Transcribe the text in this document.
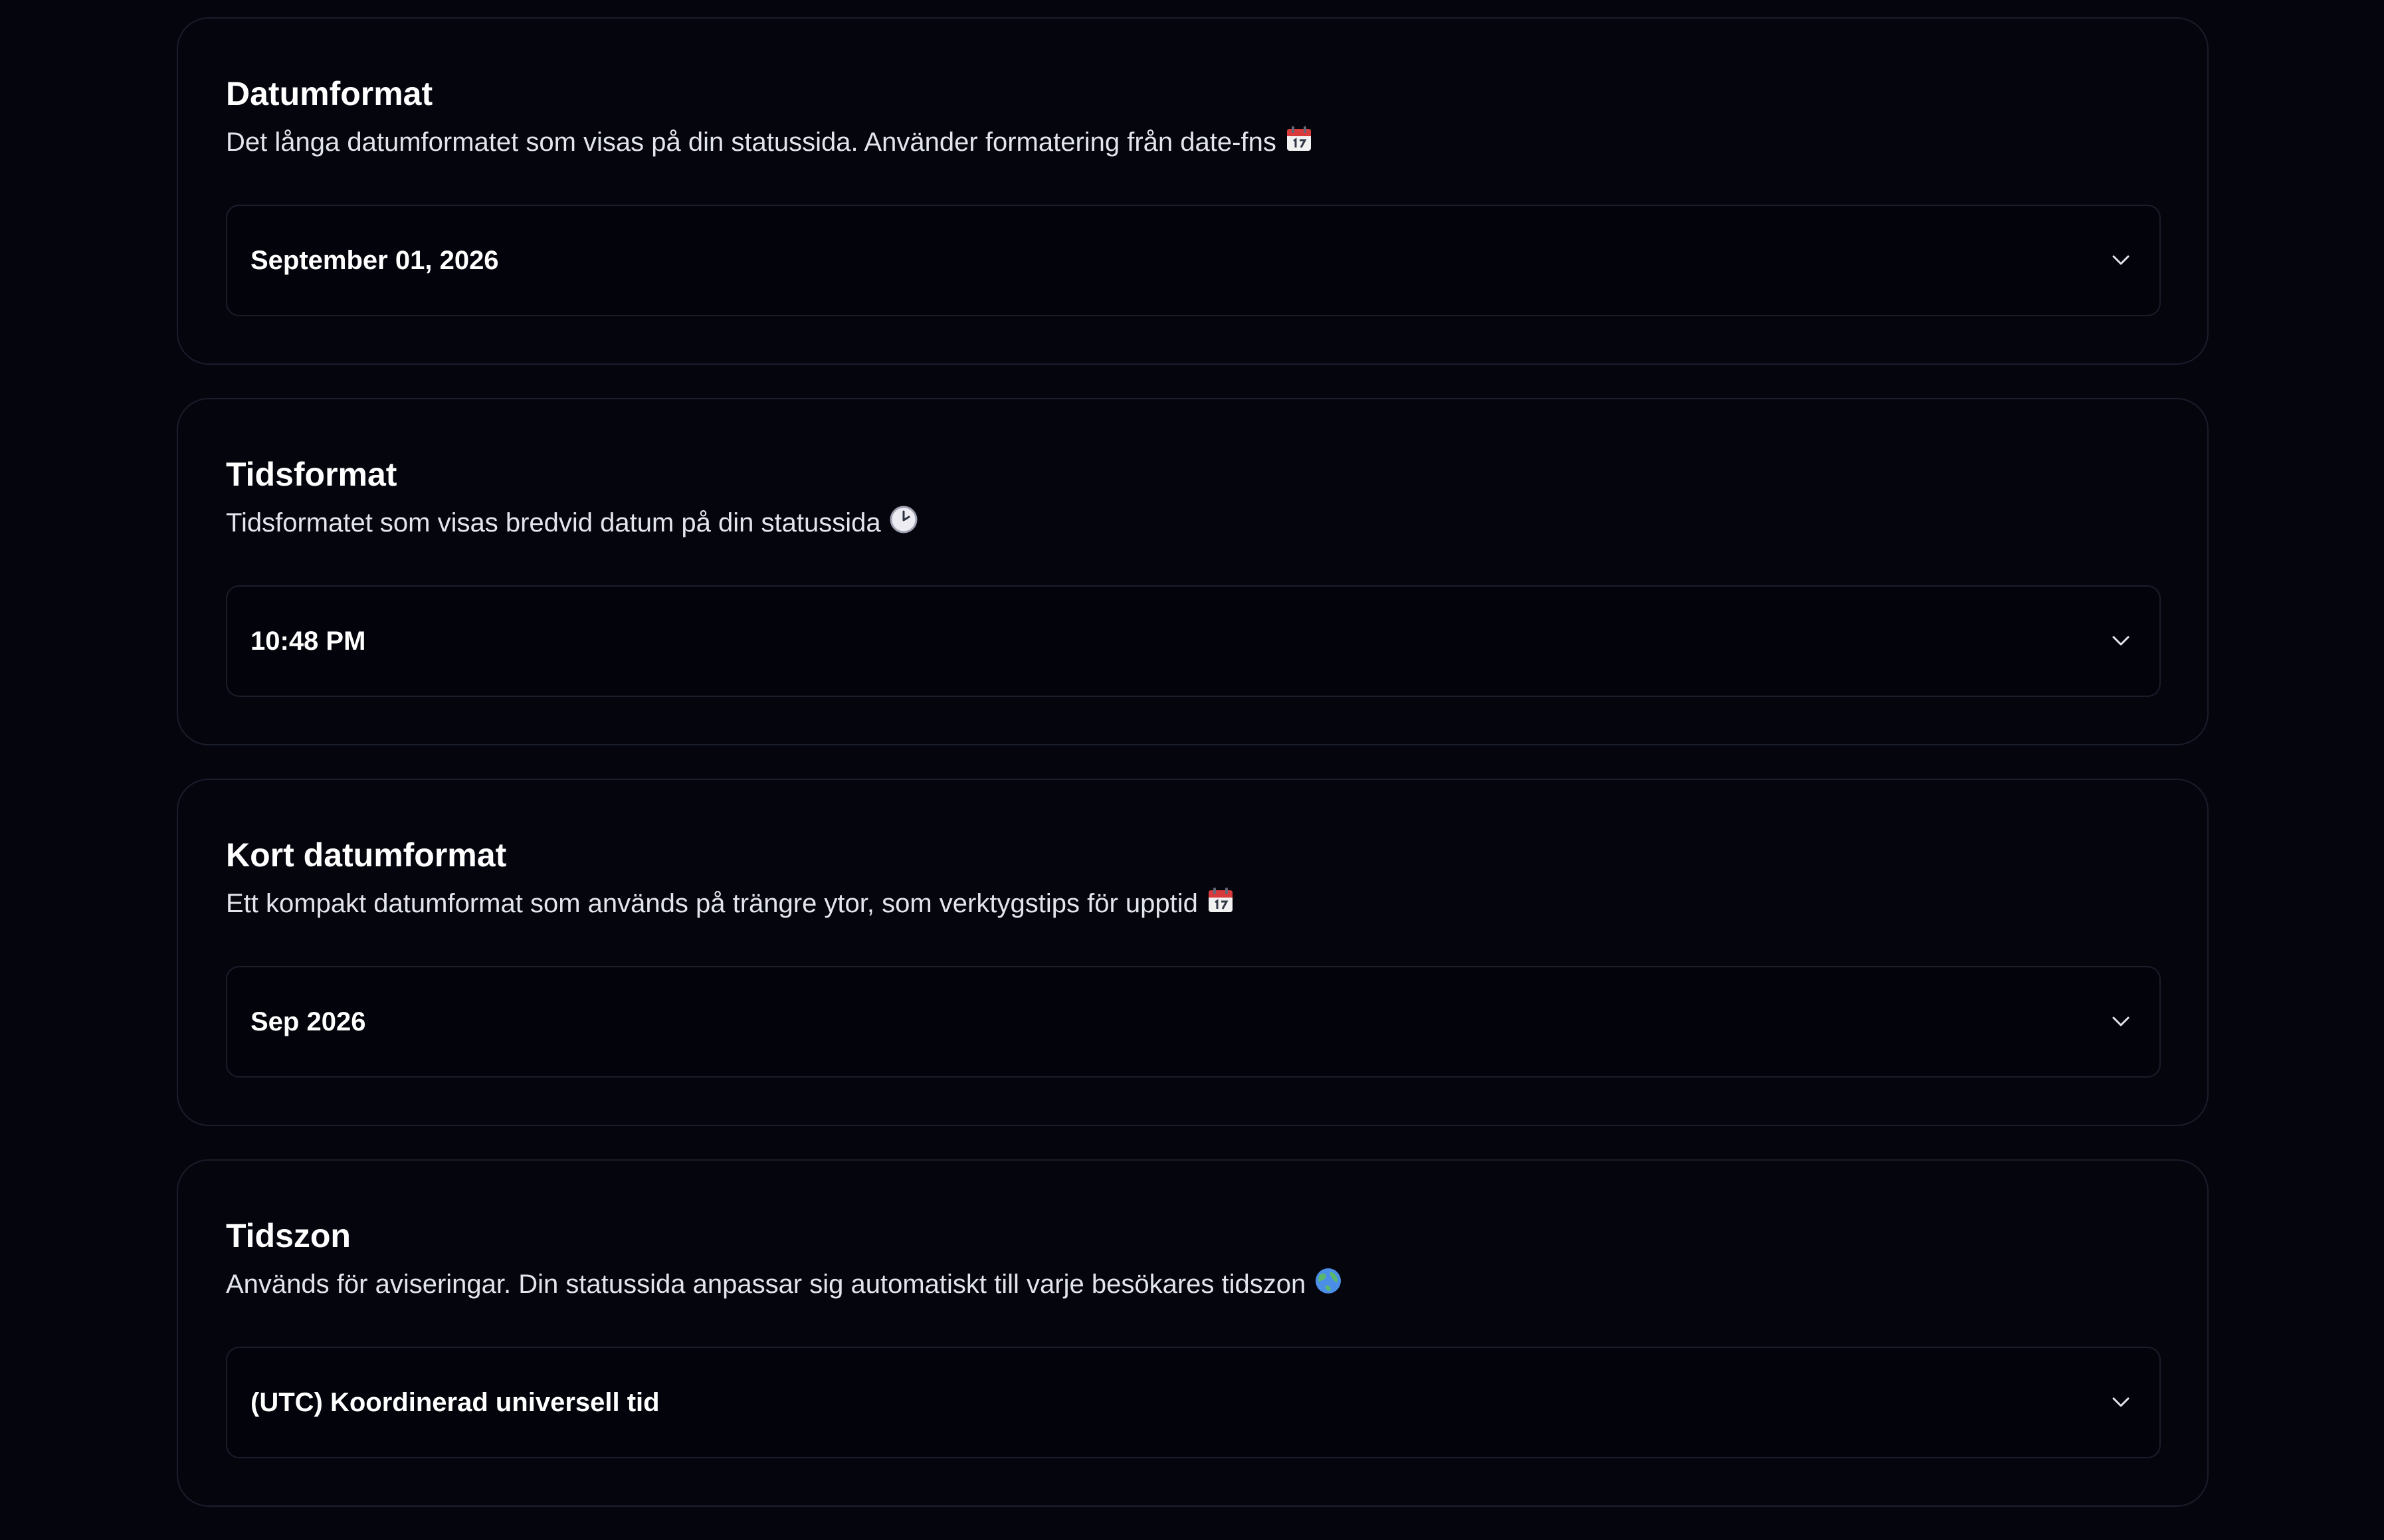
Datumformat

Det långa datumformatet som visas på din statussida. Använder formatering från date-fns

September 01, 2026
Tidsformat

Tidsformatet som visas bredvid datum på din statussida

10:48 PM
Kort datumformat

Ett kompakt datumformat som används på trängre ytor, som verktygstips för upptid

Sep 2026
Tidszon

Används för aviseringar. Din statussida anpassar sig automatiskt till varje besökares tidszon

(UTC) Koordinerad universell tid
